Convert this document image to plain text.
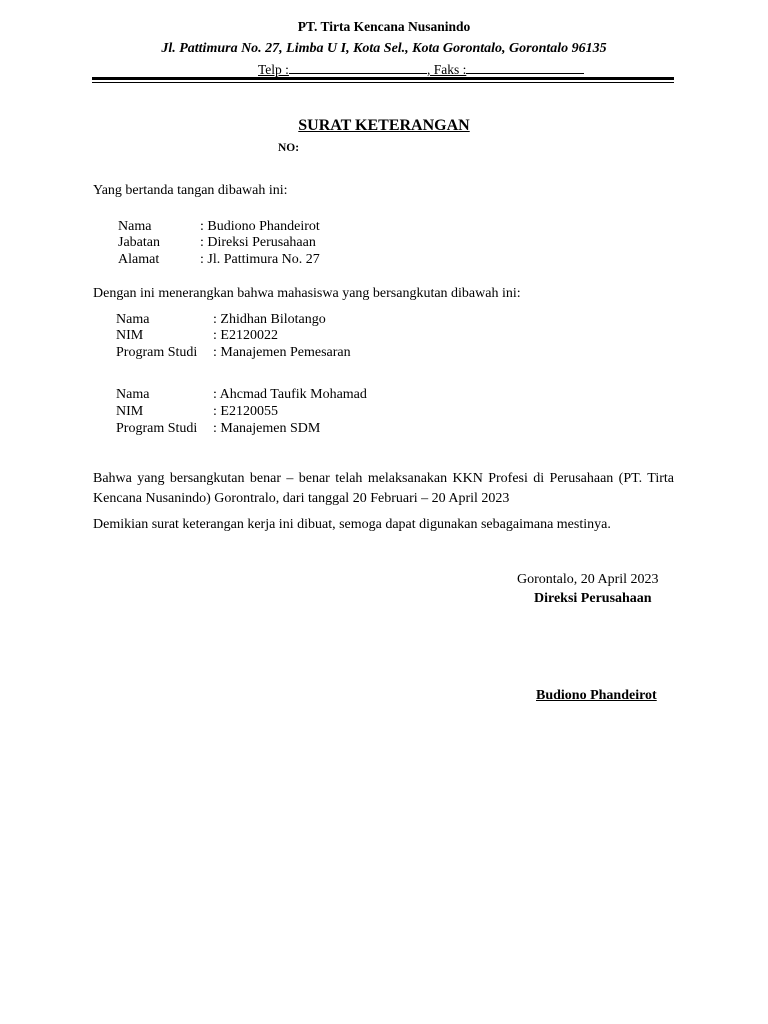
PT. Tirta Kencana Nusanindo
Jl. Pattimura No. 27, Limba U I, Kota Sel., Kota Gorontalo, Gorontalo 96135
Telp :	, Faks :
SURAT KETERANGAN
NO:
Yang bertanda tangan dibawah ini:
Nama	: Budiono Phandeirot
Jabatan	: Direksi Perusahaan
Alamat	: Jl. Pattimura No. 27
Dengan ini menerangkan bahwa mahasiswa yang bersangkutan dibawah ini:
Nama	: Zhidhan Bilotango
NIM	: E2120022
Program Studi : Manajemen Pemesaran
Nama	: Ahcmad Taufik Mohamad
NIM	: E2120055
Program Studi : Manajemen SDM
Bahwa yang bersangkutan benar – benar telah melaksanakan KKN Profesi di Perusahaan (PT. Tirta Kencana Nusanindo) Gorontralo, dari tanggal 20 Februari – 20 April 2023
Demikian surat keterangan kerja ini dibuat, semoga dapat digunakan sebagaimana mestinya.
Gorontalo, 20 April 2023
Direksi Perusahaan
Budiono Phandeirot
